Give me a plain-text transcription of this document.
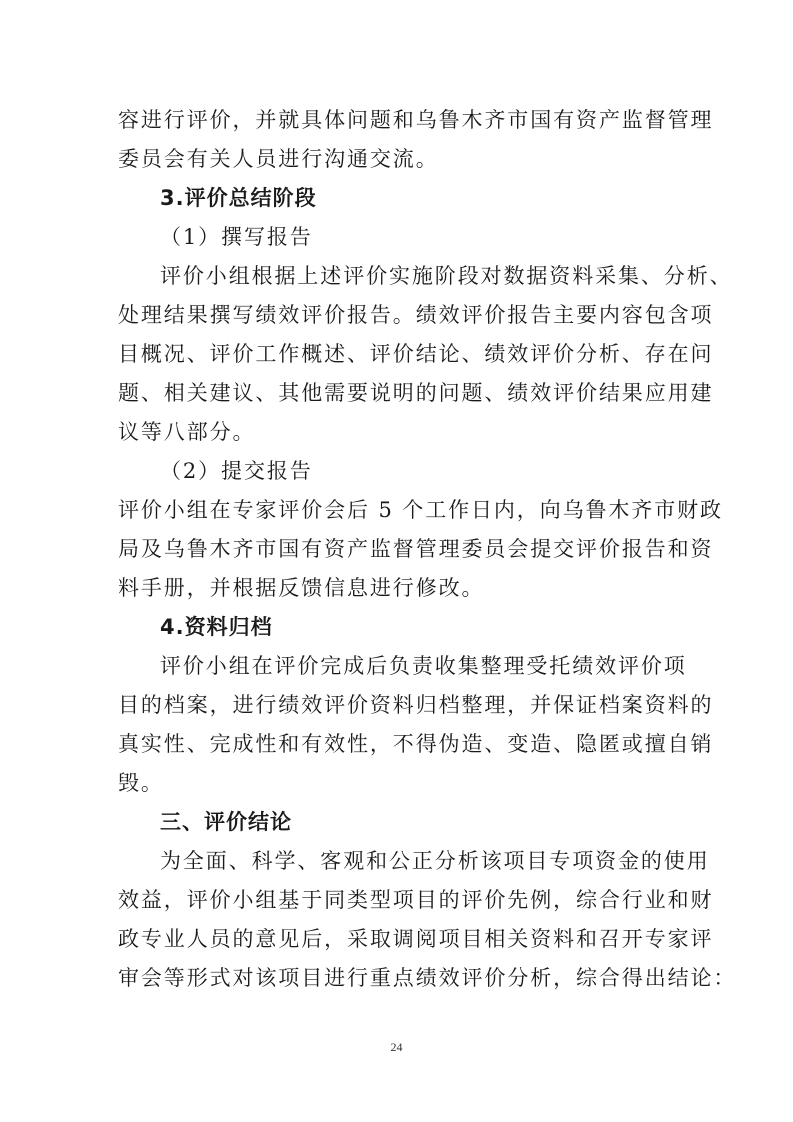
容进行评价，并就具体问题和乌鲁木齐市国有资产监督管理
委员会有关人员进行沟通交流。
3.评价总结阶段
（1）撰写报告
评价小组根据上述评价实施阶段对数据资料采集、分析、
处理结果撰写绩效评价报告。绩效评价报告主要内容包含项
目概况、评价工作概述、评价结论、绩效评价分析、存在问
题、相关建议、其他需要说明的问题、绩效评价结果应用建
议等八部分。
（2）提交报告
评价小组在专家评价会后 5 个工作日内，向乌鲁木齐市财政
局及乌鲁木齐市国有资产监督管理委员会提交评价报告和资
料手册，并根据反馈信息进行修改。
4.资料归档
评价小组在评价完成后负责收集整理受托绩效评价项
目的档案，进行绩效评价资料归档整理，并保证档案资料的
真实性、完成性和有效性，不得伪造、变造、隐匿或擅自销
毁。
三、评价结论
为全面、科学、客观和公正分析该项目专项资金的使用
效益，评价小组基于同类型项目的评价先例，综合行业和财
政专业人员的意见后，采取调阅项目相关资料和召开专家评
审会等形式对该项目进行重点绩效评价分析，综合得出结论：
24
